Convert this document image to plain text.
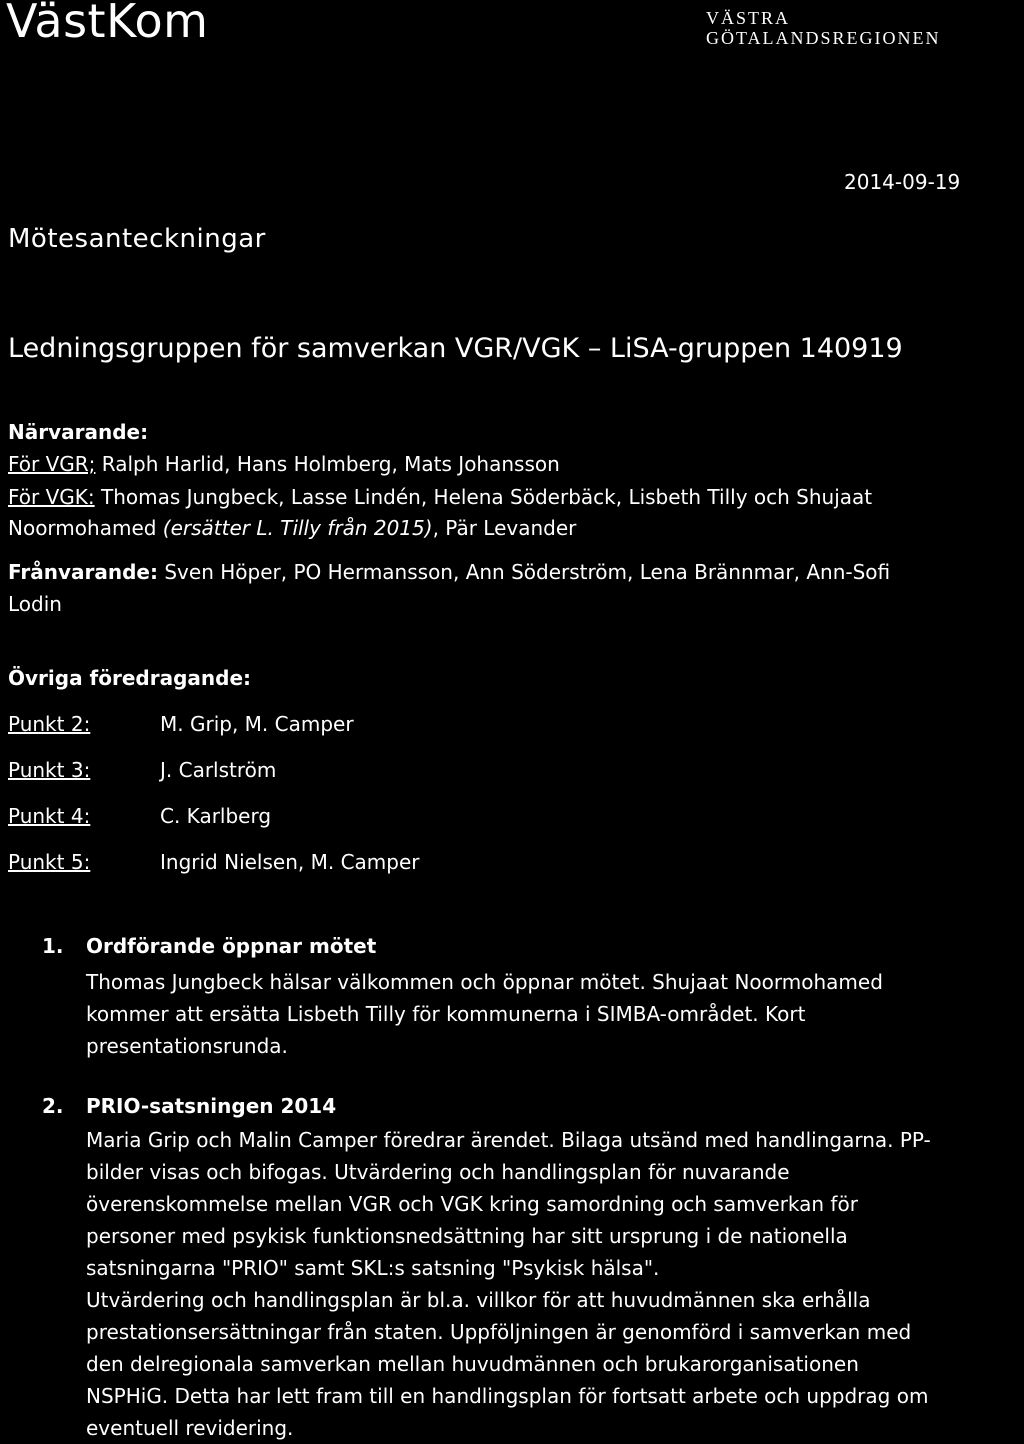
VästKom	VÄSTRA
GÖTALANDSREGIONEN
2014-09-19
Mötesanteckningar
Ledningsgruppen för samverkan VGR/VGK – LiSA-gruppen 140919
Närvarande:
För VGR; Ralph Harlid, Hans Holmberg, Mats Johansson
För VGK: Thomas Jungbeck, Lasse Lindén, Helena Söderbäck, Lisbeth Tilly och Shujaat
Noormohamed (ersätter L. Tilly från 2015), Pär Levander
Frånvarande: Sven Höper, PO Hermansson, Ann Söderström, Lena Brännmar, Ann-Sofi
Lodin
Övriga föredragande:
Punkt 2:	M. Grip, M. Camper
Punkt 3:	J. Carlström
Punkt 4:	C. Karlberg
Punkt 5:	Ingrid Nielsen, M. Camper
1. Ordförande öppnar mötet
Thomas Jungbeck hälsar välkommen och öppnar mötet. Shujaat Noormohamed
kommer att ersätta Lisbeth Tilly för kommunerna i SIMBA-området. Kort
presentationsrunda.
2. PRIO-satsningen 2014
Maria Grip och Malin Camper föredrar ärendet. Bilaga utsänd med handlingarna. PP-
bilder visas och bifogas. Utvärdering och handlingsplan för nuvarande
överenskommelse mellan VGR och VGK kring samordning och samverkan för
personer med psykisk funktionsnedsättning har sitt ursprung i de nationella
satsningarna "PRIO" samt SKL:s satsning "Psykisk hälsa".
Utvärdering och handlingsplan är bl.a. villkor för att huvudmännen ska erhålla
prestationsersättningar från staten. Uppföljningen är genomförd i samverkan med
den delregionala samverkan mellan huvudmännen och brukarorganisationen
NSPHiG. Detta har lett fram till en handlingsplan för fortsatt arbete och uppdrag om
eventuell revidering.
